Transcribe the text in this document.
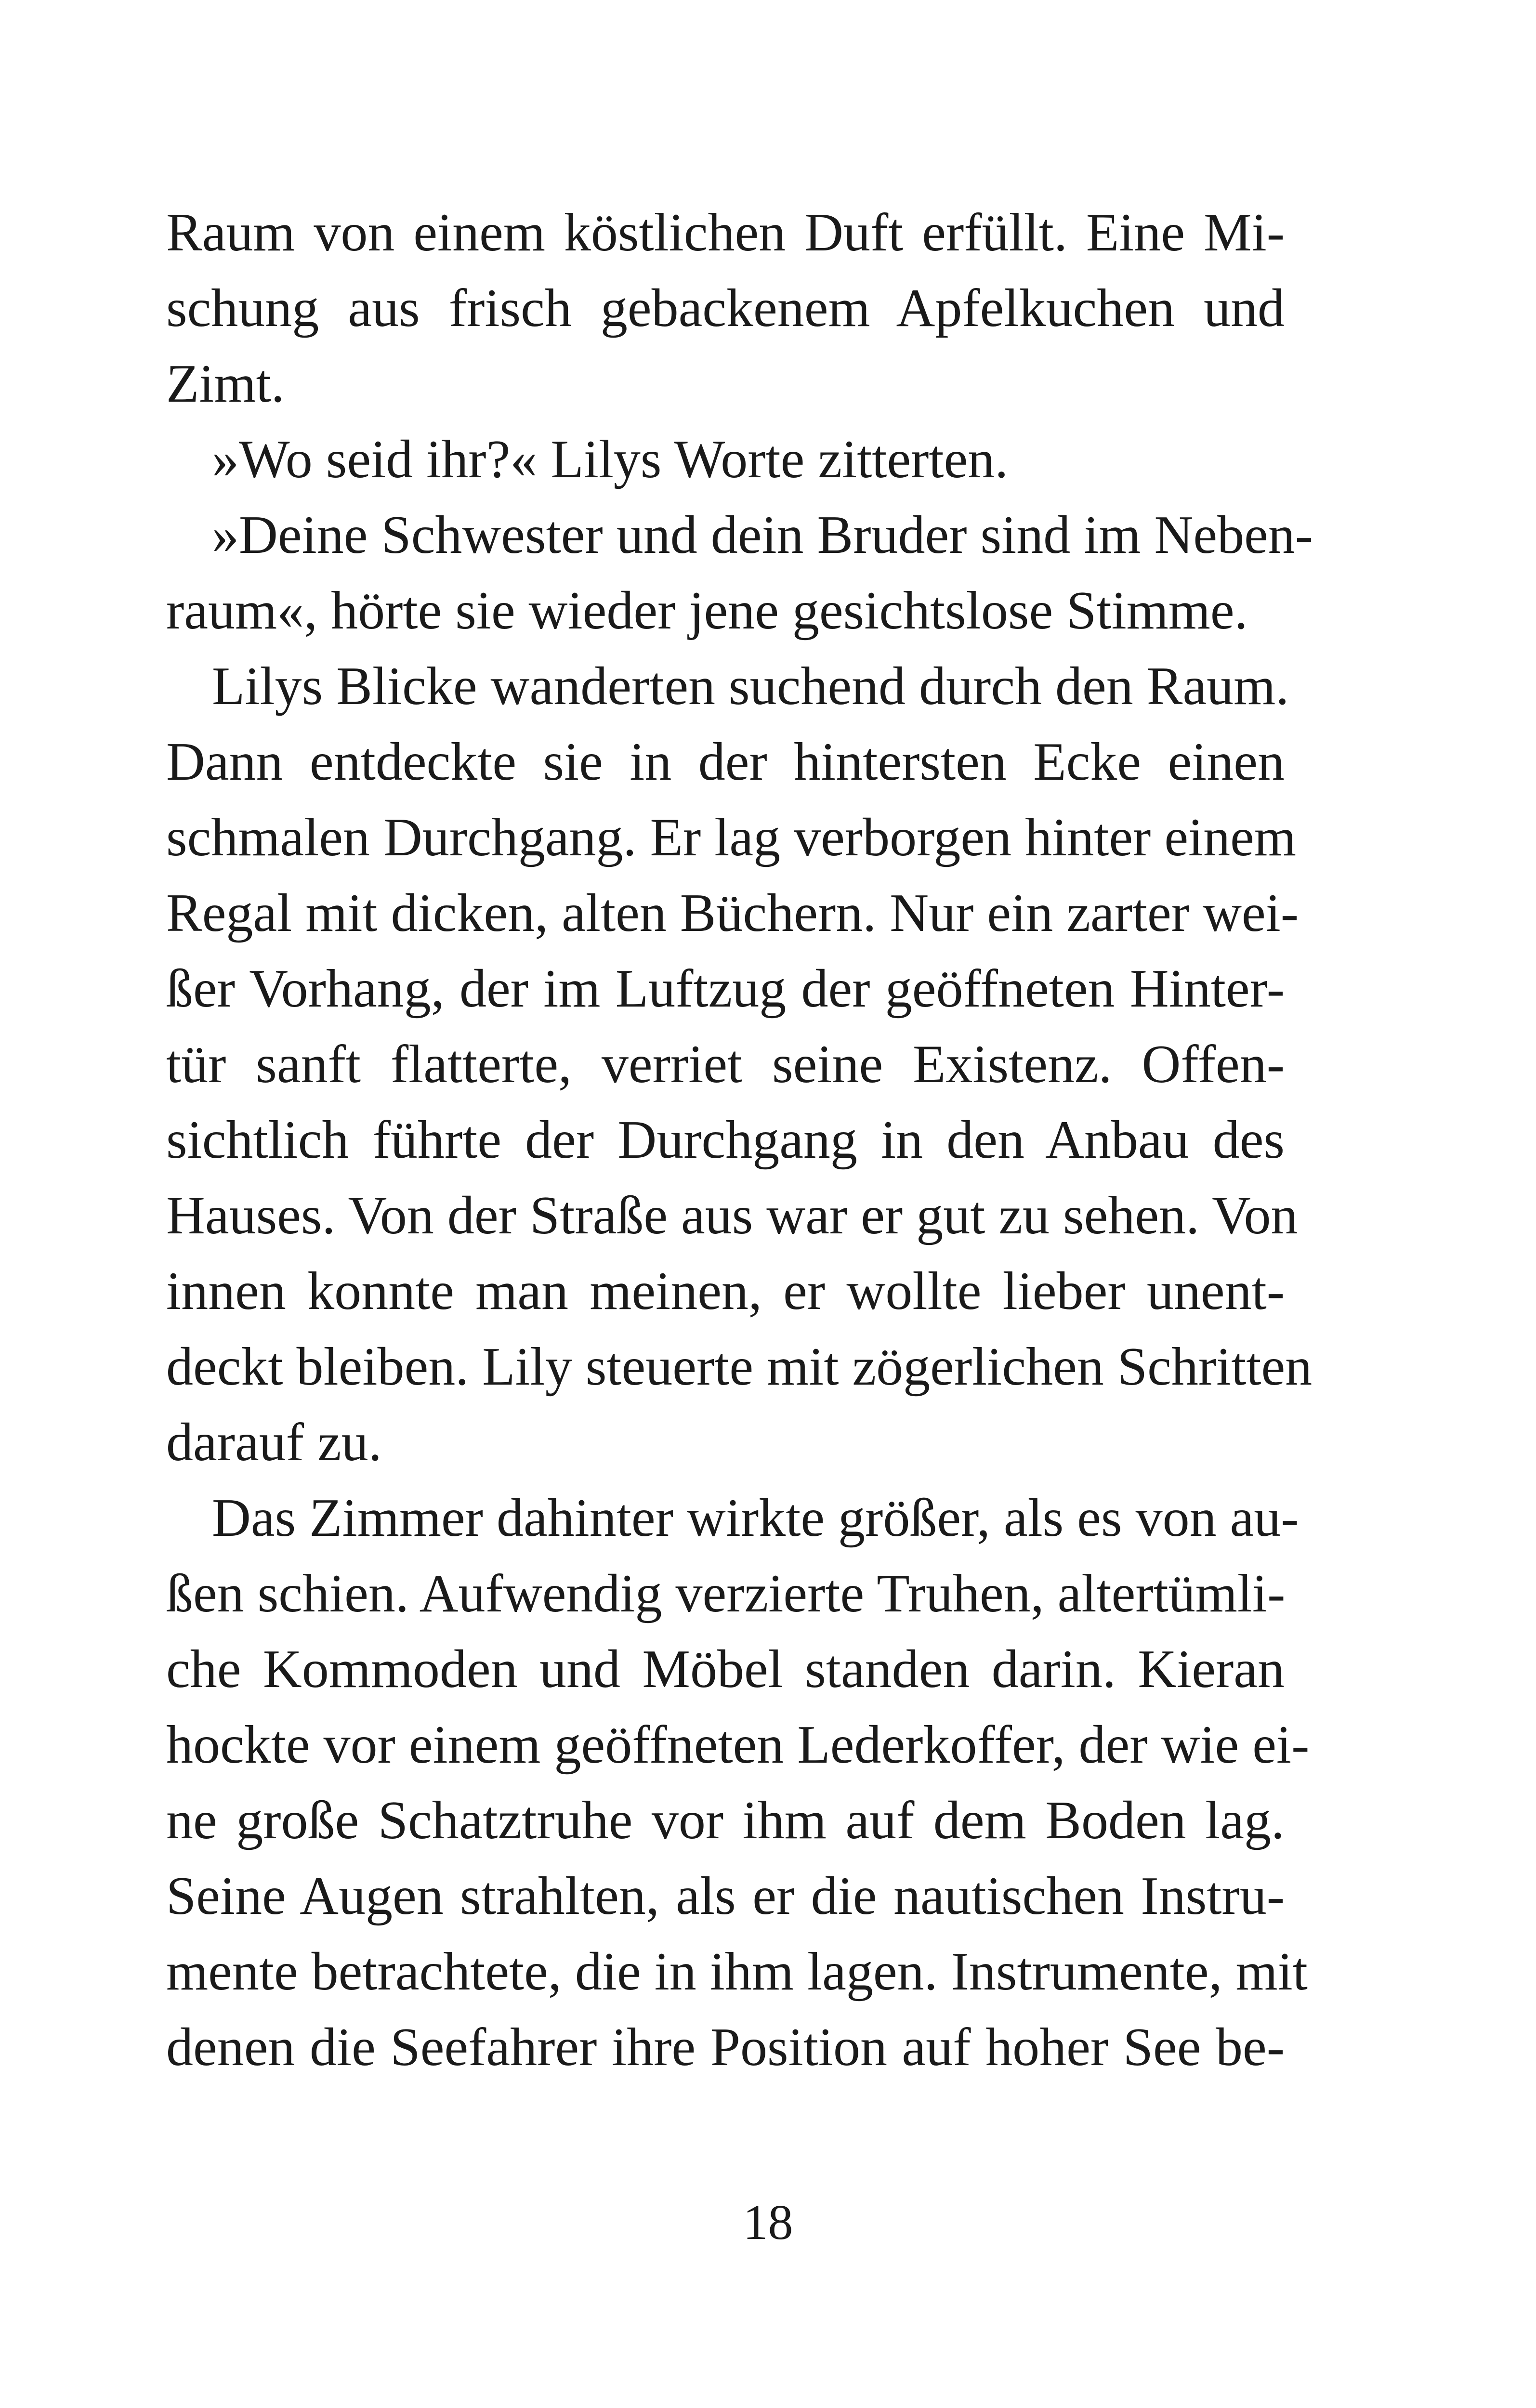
Raum von einem köstlichen Duft erfüllt. Eine Mi-
schung aus frisch gebackenem Apfelkuchen und
Zimt.
»Wo seid ihr?« Lilys Worte zitterten.
»Deine Schwester und dein Bruder sind im Neben-
raum«, hörte sie wieder jene gesichtslose Stimme.
Lilys Blicke wanderten suchend durch den Raum.
Dann entdeckte sie in der hintersten Ecke einen
schmalen Durchgang. Er lag verborgen hinter einem
Regal mit dicken, alten Büchern. Nur ein zarter wei-
ßer Vorhang, der im Luftzug der geöffneten Hinter-
tür sanft flatterte, verriet seine Existenz. Offen-
sichtlich führte der Durchgang in den Anbau des
Hauses. Von der Straße aus war er gut zu sehen. Von
innen konnte man meinen, er wollte lieber unent-
deckt bleiben. Lily steuerte mit zögerlichen Schritten
darauf zu.
Das Zimmer dahinter wirkte größer, als es von au-
ßen schien. Aufwendig verzierte Truhen, altertümli-
che Kommoden und Möbel standen darin. Kieran
hockte vor einem geöffneten Lederkoffer, der wie ei-
ne große Schatztruhe vor ihm auf dem Boden lag.
Seine Augen strahlten, als er die nautischen Instru-
mente betrachtete, die in ihm lagen. Instrumente, mit
denen die Seefahrer ihre Position auf hoher See be-
18
